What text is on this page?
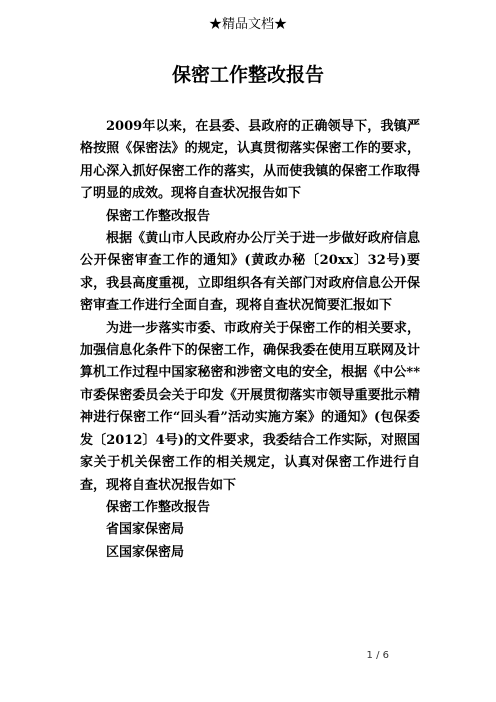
★精品文档★
保密工作整改报告

2009年以来，在县委、县政府的正确领导下，我镇严格按照《保密法》的规定，认真贯彻落实保密工作的要求，用心深入抓好保密工作的落实，从而使我镇的保密工作取得了明显的成效。现将自查状况报告如下

保密工作整改报告

根据《黄山市人民政府办公厅关于进一步做好政府信息公开保密审查工作的通知》(黄政办秘〔20xx〕32号)要求，我县高度重视，立即组织各有关部门对政府信息公开保密审查工作进行全面自查，现将自查状况简要汇报如下

为进一步落实市委、市政府关于保密工作的相关要求，加强信息化条件下的保密工作，确保我委在使用互联网及计算机工作过程中国家秘密和涉密文电的安全，根据《中公**市委保密委员会关于印发《开展贯彻落实市领导重要批示精神进行保密工作“回头看”活动实施方案》的通知》(包保委发〔2012〕4号)的文件要求，我委结合工作实际，对照国家关于机关保密工作的相关规定，认真对保密工作进行自查，现将自查状况报告如下

保密工作整改报告

省国家保密局

区国家保密局

1 / 6
